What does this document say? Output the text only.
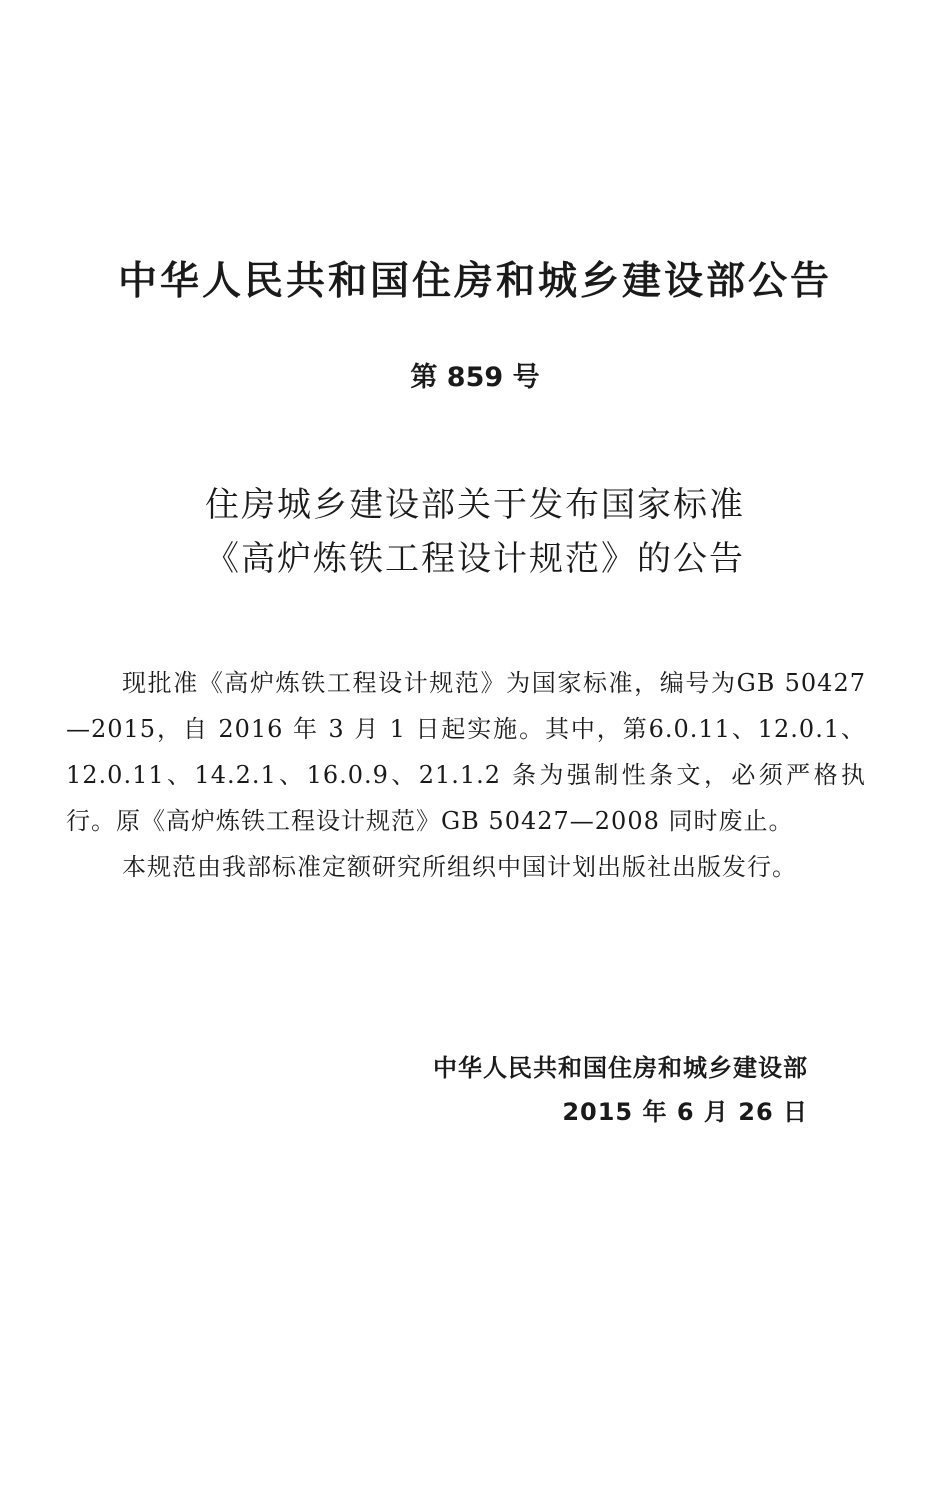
中华人民共和国住房和城乡建设部公告
第 859 号
住房城乡建设部关于发布国家标准
《高炉炼铁工程设计规范》的公告

现批准《高炉炼铁工程设计规范》为国家标准，编号为GB 50427—2015，自 2016 年 3 月 1 日起实施。其中，第6.0.11、12.0.1、12.0.11、14.2.1、16.0.9、21.1.2 条为强制性条文，必须严格执行。原《高炉炼铁工程设计规范》GB 50427—2008 同时废止。

本规范由我部标准定额研究所组织中国计划出版社出版发行。

中华人民共和国住房和城乡建设部
2015 年 6 月 26 日
